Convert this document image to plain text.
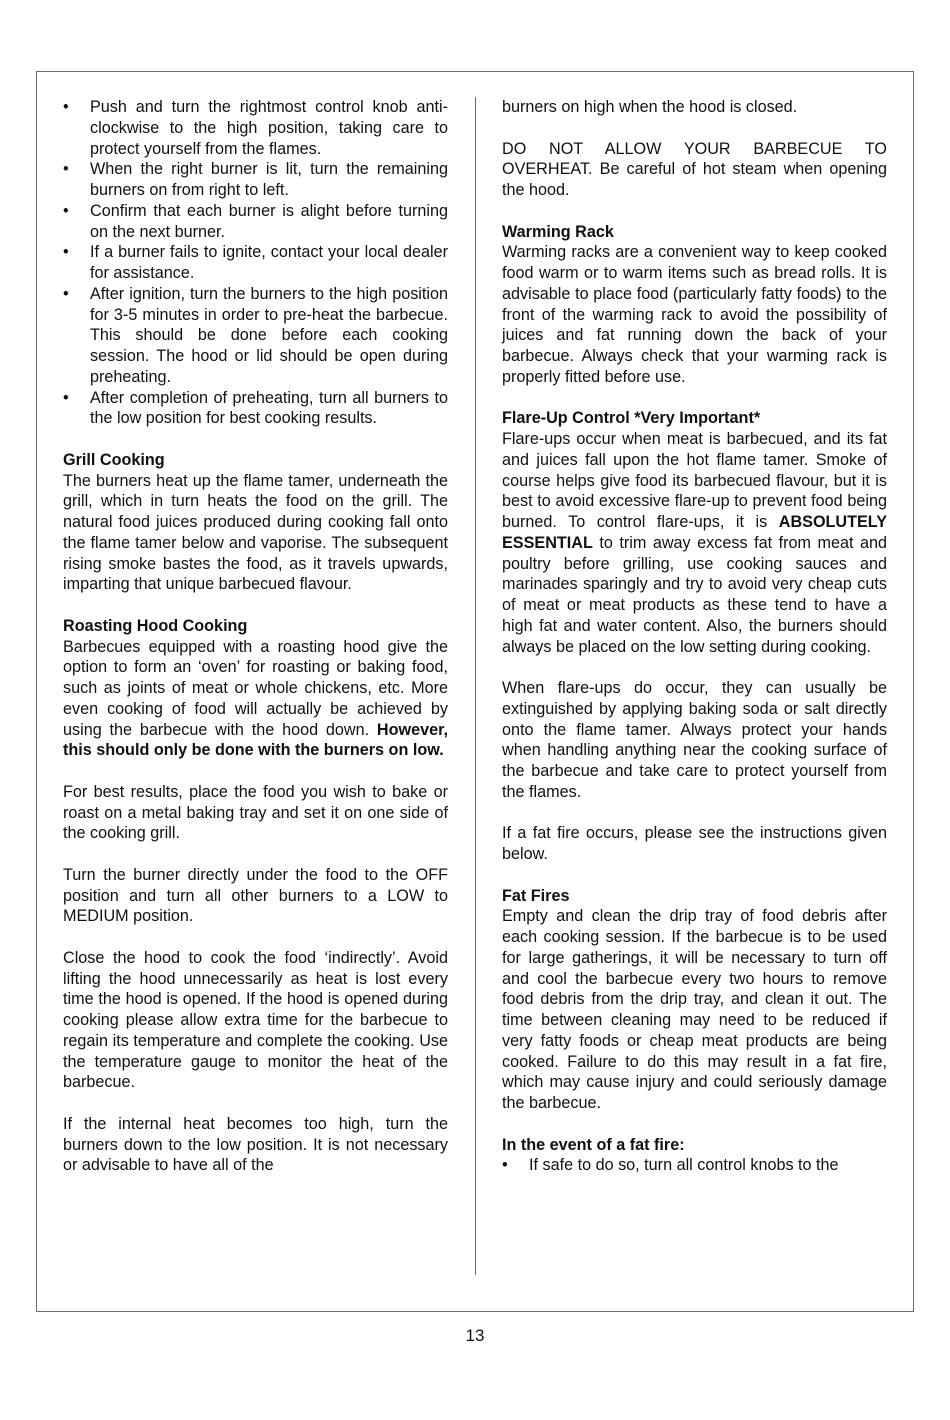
• Push and turn the rightmost control knob anti-clockwise to the high position, taking care to protect yourself from the flames.
• When the right burner is lit, turn the remaining burners on from right to left.
• Confirm that each burner is alight before turning on the next burner.
• If a burner fails to ignite, contact your local dealer for assistance.
• After ignition, turn the burners to the high position for 3-5 minutes in order to pre-heat the barbecue. This should be done before each cooking session. The hood or lid should be open during preheating.
• After completion of preheating, turn all burners to the low position for best cooking results.
Grill Cooking

The burners heat up the flame tamer, underneath the grill, which in turn heats the food on the grill. The natural food juices produced during cooking fall onto the flame tamer below and vaporise. The subsequent rising smoke bastes the food, as it travels upwards, imparting that unique barbecued flavour.

Roasting Hood Cooking

Barbecues equipped with a roasting hood give the option to form an ‘oven’ for roasting or baking food, such as joints of meat or whole chickens, etc. More even cooking of food will actually be achieved by using the barbecue with the hood down. However, this should only be done with the burners on low.

For best results, place the food you wish to bake or roast on a metal baking tray and set it on one side of the cooking grill.

Turn the burner directly under the food to the OFF position and turn all other burners to a LOW to MEDIUM position.

Close the hood to cook the food ‘indirectly’. Avoid lifting the hood unnecessarily as heat is lost every time the hood is opened. If the hood is opened during cooking please allow extra time for the barbecue to regain its temperature and complete the cooking. Use the temperature gauge to monitor the heat of the barbecue.

If the internal heat becomes too high, turn the burners down to the low position. It is not necessary or advisable to have all of the

burners on high when the hood is closed.

DO NOT ALLOW YOUR BARBECUE TO OVERHEAT. Be careful of hot steam when opening the hood.

Warming Rack

Warming racks are a convenient way to keep cooked food warm or to warm items such as bread rolls. It is advisable to place food (particularly fatty foods) to the front of the warming rack to avoid the possibility of juices and fat running down the back of your barbecue. Always check that your warming rack is properly fitted before use.

Flare-Up Control *Very Important*

Flare-ups occur when meat is barbecued, and its fat and juices fall upon the hot flame tamer. Smoke of course helps give food its barbecued flavour, but it is best to avoid excessive flare-up to prevent food being burned. To control flare-ups, it is ABSOLUTELY ESSENTIAL to trim away excess fat from meat and poultry before grilling, use cooking sauces and marinades sparingly and try to avoid very cheap cuts of meat or meat products as these tend to have a high fat and water content. Also, the burners should always be placed on the low setting during cooking.

When flare-ups do occur, they can usually be extinguished by applying baking soda or salt directly onto the flame tamer. Always protect your hands when handling anything near the cooking surface of the barbecue and take care to protect yourself from the flames.

If a fat fire occurs, please see the instructions given below.

Fat Fires

Empty and clean the drip tray of food debris after each cooking session. If the barbecue is to be used for large gatherings, it will be necessary to turn off and cool the barbecue every two hours to remove food debris from the drip tray, and clean it out. The time between cleaning may need to be reduced if very fatty foods or cheap meat products are being cooked. Failure to do this may result in a fat fire, which may cause injury and could seriously damage the barbecue.

In the event of a fat fire:
• If safe to do so, turn all control knobs to the
13
